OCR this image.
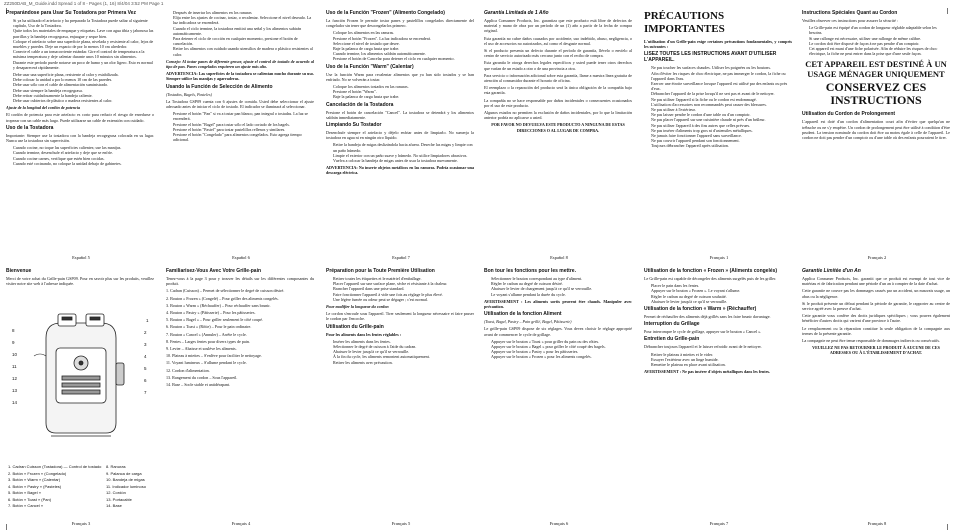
ZZ250DAB_M_Guide.indd Spread 1 of 8 - Pages (1, 16) 8/4/04 3:52 PM Page 1
Preparándose para Usar Su Tostadora por Primera Vez
• Si ya ha utilizado el artefacto y ha preparado la Tostadora puede saltar al siguiente capítulo, Uso de la Tostadora.
• Quite todos los materiales de empaque y etiquetas. Lave con agua tibia y jabonosa las parrillas y la bandeja recogegrasa, enjuague y seque bien.
• Coloque el artefacto sobre una superficie plana, nivelada y resistente al calor, lejos de muebles y paredes. Deje un espacio de por lo menos 10 cm alrededor.
• Conecte el cable a un tomacorriente estándar. Gire el control de temperatura a la máxima temperatura y deje calentar durante unos 10 minutos sin alimentos.
• Durante este período puede notarse un poco de humo y un olor ligero. Esto es normal y desaparecerá rápidamente.
• Debe usar una superficie plana, resistente al calor y estabilizada.
• Debe colocar la unidad a por lo menos 10 cm de las paredes.
• Debe usar sólo con el cable de alimentación suministrado.
• Debe usar siempre la bandeja recogegrasa.
• Debe retirar cuidadosamente la bandeja caliente.
• Debe usar cubiertos de plástico o madera resistentes al calor.

Ajuste de la longitud del cordón de potencia

El cordón de potencia para este artefacto es corto para reducir el riesgo de enredarse o tropezar con un cable más largo. Puede utilizarse un cable de extensión con cuidado.

Uso de la Tostadora

Importante: Siempre use la tostadora con la bandeja recogegrasa colocada en su lugar. Nunca use la tostadora sin supervisión.

• Cuando cocine, no toque las superficies calientes; use las manijas.
• Cuando termine, desenchufe el artefacto y deje que se enfríe.
• Cuando cocine carnes, verifique que estén bien cocidas.
• Cuando esté cocinando, no coloque la unidad debajo de gabinetes.
Español 5
• Después de insertar los alimentos en los ranuras
• Elija entre los ajustes de cocinar, tostar, o recalentar. Seleccione el nivel deseado. La luz indicadora se encenderá.
• Cuando el ciclo termine, la tostadora emitirá una señal y los alimentos subirán automáticamente.
• Para detener el ciclo de cocción en cualquier momento, presione el botón de cancelación.
• Retire los alimentos con cuidado usando utensilios de madera o plástico resistentes al calor.

Consejo: Al tostar panes de diferente grosor, ajuste el control de tostado de acuerdo al tipo de pan. Panes congelados requieren un ajuste más alto.

ADVERTENCIA: Las superficies de la tostadora se calientan mucho durante su uso. Siempre utilice las manijas y agarraderas.

Usando la Función de Selección de Alimento

(Tostados, Bagels, Pasteles)

La Tostadora GSP09 cuenta con 6 ajustes de comida. Usted debe seleccionar el ajuste adecuado antes de iniciar el ciclo de tostado. El indicador se iluminará al seleccionar.

• Presione el botón "Pan" si va a tostar pan blanco, pan integral o tostadas. La luz se encenderá.
• Presione el botón "Bagel" para tostar sólo el lado cortado de los bagels.
• Presione el botón "Pastel" para tostar pastelillos rellenos y similares.
• Presione el botón "Congelado" para alimentos congelados. Esto agrega tiempo adicional.
Español 6
Uso de la Función "Frozen" (Alimento Congelado)

La función Frozen le permite tostar panes y pastelillos congelados directamente del congelador sin tener que descongelarlos primero.

• Coloque los alimentos en las ranuras.
• Presione el botón "Frozen". La luz indicadora se encenderá.
• Seleccione el nivel de tostado que desee.
• Baje la palanca de carga hasta que trabe.
• Cuando termine, los alimentos saldrán automáticamente.
• Presione el botón de Cancelar para detener el ciclo en cualquier momento.
Uso de la Función "Warm" (Calentar)

Use la función Warm para recalentar alimentos que ya han sido tostados y se han enfriado. No se volverán a tostar.

• Coloque los alimentos tostados en las ranuras.
• Presione el botón "Warm".
• Baje la palanca de carga hasta que trabe.
Cancelación de la Tostadora

Presione el botón de cancelación "Cancel". La tostadora se detendrá y los alimentos saldrán inmediatamente.

Limpiando Su Tostador

Desenchufe siempre el artefacto y déjelo enfriar antes de limpiarlo. No sumerja la tostadora en agua ni en ningún otro líquido.

• Retire la bandeja de migas deslizándola hacia afuera. Deseche las migas y limpie con un paño húmedo.
• Limpie el exterior con un paño suave y húmedo. No utilice limpiadores abrasivos.
• Vuelva a colocar la bandeja de migas antes de usar la tostadora nuevamente.

ADVERTENCIA: No inserte objetos metálicos en las ranuras. Podría ocasionar una descarga eléctrica.

Español 7
Garantía Limitada de 1 Año

Applica Consumer Products, Inc. garantiza que este producto está libre de defectos de material y mano de obra por un período de un (1) año a partir de la fecha de compra original.

Esta garantía no cubre daños causados por accidente, uso indebido, abuso, negligencia, o el uso de accesorios no autorizados, así como el desgaste normal.

Si el producto presenta un defecto durante el período de garantía, llévelo o envíelo al centro de servicio autorizado más cercano junto con el recibo de compra.

Esta garantía le otorga derechos legales específicos y usted puede tener otros derechos que varían de un estado a otro o de una provincia a otra.

Para servicio o información adicional sobre esta garantía, llame a nuestra línea gratuita de atención al consumidor durante el horario de oficina.

El reemplazo o la reparación del producto será la única obligación de la compañía bajo esta garantía.

La compañía no se hace responsable por daños incidentales o consecuentes ocasionados por el uso de este producto.

Algunos estados no permiten la exclusión de daños incidentales, por lo que la limitación anterior podría no aplicarse a usted.

POR FAVOR NO DEVUELVA ESTE PRODUCTO A NINGUNA DE ESTAS DIRECCIONES O AL LUGAR DE COMPRA.

Español 8
PRÉCAUTIONS IMPORTANTES

L'utilisation d'un Grille-pain exige certaines précautions fondamentales, y compris les suivantes :

LISEZ TOUTES LES INSTRUCTIONS AVANT D'UTILISER L'APPAREIL.
• Ne pas toucher les surfaces chaudes. Utiliser les poignées ou les boutons.
• Afin d'éviter les risques de choc électrique, ne pas immerger le cordon, la fiche ou l'appareil dans l'eau.
• Exercer une étroite surveillance lorsque l'appareil est utilisé par des enfants ou près d'eux.
• Débrancher l'appareil de la prise lorsqu'il ne sert pas et avant de le nettoyer.
• Ne pas utiliser l'appareil si la fiche ou le cordon est endommagé.
• L'utilisation d'accessoires non recommandés peut causer des blessures.
• Ne pas utiliser à l'extérieur.
• Ne pas laisser pendre le cordon d'une table ou d'un comptoir.
• Ne pas placer l'appareil sur une cuisinière chaude ni près d'un brûleur.
• Ne pas utiliser l'appareil à des fins autres que celles prévues.
• Ne pas insérer d'aliments trop gros ni d'ustensiles métalliques.
• Ne jamais faire fonctionner l'appareil sans surveillance.
• Ne pas couvrir l'appareil pendant son fonctionnement.
• Toujours débrancher l'appareil après utilisation.
Français 1
Instructions Spéciales Quant au Cordon

Veuillez observer ces instructions pour assurer la sécurité :

• Le Grille-pain est équipé d'un cordon de longueur réglable adaptable selon les besoins.
• Si une rallonge est nécessaire, utiliser une rallonge de même calibre.
• Le cordon doit être disposé de façon à ne pas pendre d'un comptoir.
• Cet appareil est muni d'une fiche polarisée. Afin de réduire les risques de choc électrique, la fiche ne peut entrer dans la prise que d'une seule façon.
CET APPAREIL EST DESTINÉ À UN USAGE MÉNAGER UNIQUEMENT
CONSERVEZ CES INSTRUCTIONS
Utilisation du Cordon de Prolongement

L'appareil est doté d'un cordon d'alimentation court afin d'éviter que quelqu'un ne trébuche ou ne s'y empêtre. Un cordon de prolongement peut être utilisé à condition d'être prudent. La tension nominale du cordon doit être au moins égale à celle de l'appareil. Le cordon ne doit pas pendre d'un comptoir ou d'une table où des enfants pourraient le tirer.

Français 2
Bienvenue

Merci de votre achat du Grille-pain GSP09. Pour en savoir plus sur les produits, veuillez visiter notre site web à l'adresse indiquée.

1
2
3
4
5
6
7
8
9
10
11
12
13
14
1. Cadran Cuisson (Tostadora) — Control de tostado
2. Botón « Frozen » (Congelado)
3. Botón « Warm » (Calentar)
4. Botón « Pastry » (Pasteles)
5. Botón « Bagel »
6. Botón « Toast » (Pan)
7. Botón « Cancel »
8. Ranuras
9. Palanca de carga
10. Bandeja de migas
11. Indicador luminoso
12. Cordón
13. Portacable
14. Base
Français 3
Familiarisez-Vous Avec Votre Grille-pain

Tenez-vous à la page 3 pour y trouver les détails sur les différentes composantes du produit.

1. Cadran (Cuisson) – Permet de sélectionner le degré de cuisson désiré.

2. Bouton « Frozen » (Congelé) – Pour griller des aliments congelés.

3. Bouton « Warm » (Réchauffer) – Pour réchauffer sans brunir.

4. Bouton « Pastry » (Pâtisserie) – Pour les pâtisseries.

5. Bouton « Bagel » – Pour griller seulement le côté coupé.

6. Bouton « Toast » (Rôtie) – Pour le pain ordinaire.

7. Bouton « Cancel » (Annuler) – Arrête le cycle.

8. Fentes – Larges fentes pour divers types de pain.

9. Levier – Abaisse et soulève les aliments.

10. Plateau à miettes – S'enlève pour faciliter le nettoyage.

11. Voyant lumineux – S'allume pendant le cycle.

12. Cordon d'alimentation.

13. Rangement du cordon – Sous l'appareil.

14. Base – Socle stable et antidérapant.

Français 4
Préparation pour la Toute Première Utilisation
• Retirer toutes les étiquettes et le matériel d'emballage.
• Placer l'appareil sur une surface plane, sèche et résistante à la chaleur.
• Brancher l'appareil dans une prise standard.
• Faire fonctionner l'appareil à vide une fois au réglage le plus élevé.
• Une légère fumée ou odeur peut se dégager ; c'est normal.

Pour modifier la longueur du cordon

Le cordon s'enroule sous l'appareil. Tirer seulement la longueur nécessaire et faire passer le cordon par l'encoche.

Utilisation du Grille-pain

Pour les aliments dans les fentes réglables :

• Insérer les aliments dans les fentes.
• Sélectionner le degré de cuisson à l'aide du cadran.
• Abaisser le levier jusqu'à ce qu'il se verrouille.
• À la fin du cycle, les aliments remontent automatiquement.
• Retirer les aliments avec précaution.
Français 5
Bon tour les fonctions pour les mettre.
• Sélectionner le bouton correspondant au type d'aliment.
• Régler le cadran au degré de cuisson désiré.
• Abaisser le levier de chargement jusqu'à ce qu'il se verrouille.
• Le voyant s'allume pendant la durée du cycle.

AVERTISSEMENT : Les aliments sortis peuvent être chauds. Manipuler avec précaution.

Utilisation de la fonction Aliment

(Toast, Bagel, Pastry – Pain grillé, Bagel, Pâtisserie)

Le grille-pain GSP09 dispose de six réglages. Vous devez choisir le réglage approprié avant de commencer le cycle de grillage.

• Appuyer sur le bouton « Toast » pour griller du pain ou des rôties.
• Appuyer sur le bouton « Bagel » pour griller le côté coupé des bagels.
• Appuyer sur le bouton « Pastry » pour les pâtisseries.
• Appuyer sur le bouton « Frozen » pour les aliments congelés.
Français 6
Utilisation de la fonction « Frozen » (Aliments congelés)

Le Grille-pain est capable de décongeler des aliments surgelés puis de les griller.

• Placer le pain dans les fentes.
• Appuyer sur le bouton « Frozen ». Le voyant s'allume.
• Régler le cadran au degré de cuisson souhaité.
• Abaisser le levier jusqu'à ce qu'il se verrouille.
Utilisation de la fonction « Warm » (Réchauffer)

Permet de réchauffer des aliments déjà grillés sans les faire brunir davantage.

Interruption du Grillage

Pour interrompre le cycle de grillage, appuyer sur le bouton « Cancel ».

Entretien du Grille-pain

Débrancher toujours l'appareil et le laisser refroidir avant de le nettoyer.

• Retirer le plateau à miettes et le vider.
• Essuyer l'extérieur avec un linge humide.
• Remettre le plateau en place avant utilisation.

AVERTISSEMENT : Ne pas insérer d'objets métalliques dans les fentes.

Français 7
Garantie Limitée d'un An

Applica Consumer Products, Inc. garantit que ce produit est exempt de tout vice de matériau et de fabrication pendant une période d'un an à compter de la date d'achat.

Cette garantie ne couvre pas les dommages causés par un accident, un mauvais usage, un abus ou la négligence.

Si le produit présente un défaut pendant la période de garantie, le rapporter au centre de service agréé avec la preuve d'achat.

Cette garantie vous confère des droits juridiques spécifiques ; vous pouvez également bénéficier d'autres droits qui varient d'une province à l'autre.

Le remplacement ou la réparation constitue la seule obligation de la compagnie aux termes de la présente garantie.

La compagnie ne peut être tenue responsable de dommages indirects ou consécutifs.

VEUILLEZ NE PAS RETOURNER LE PRODUIT À AUCUNE DE CES ADRESSES OU À L'ÉTABLISSEMENT D'ACHAT.

Français 8
